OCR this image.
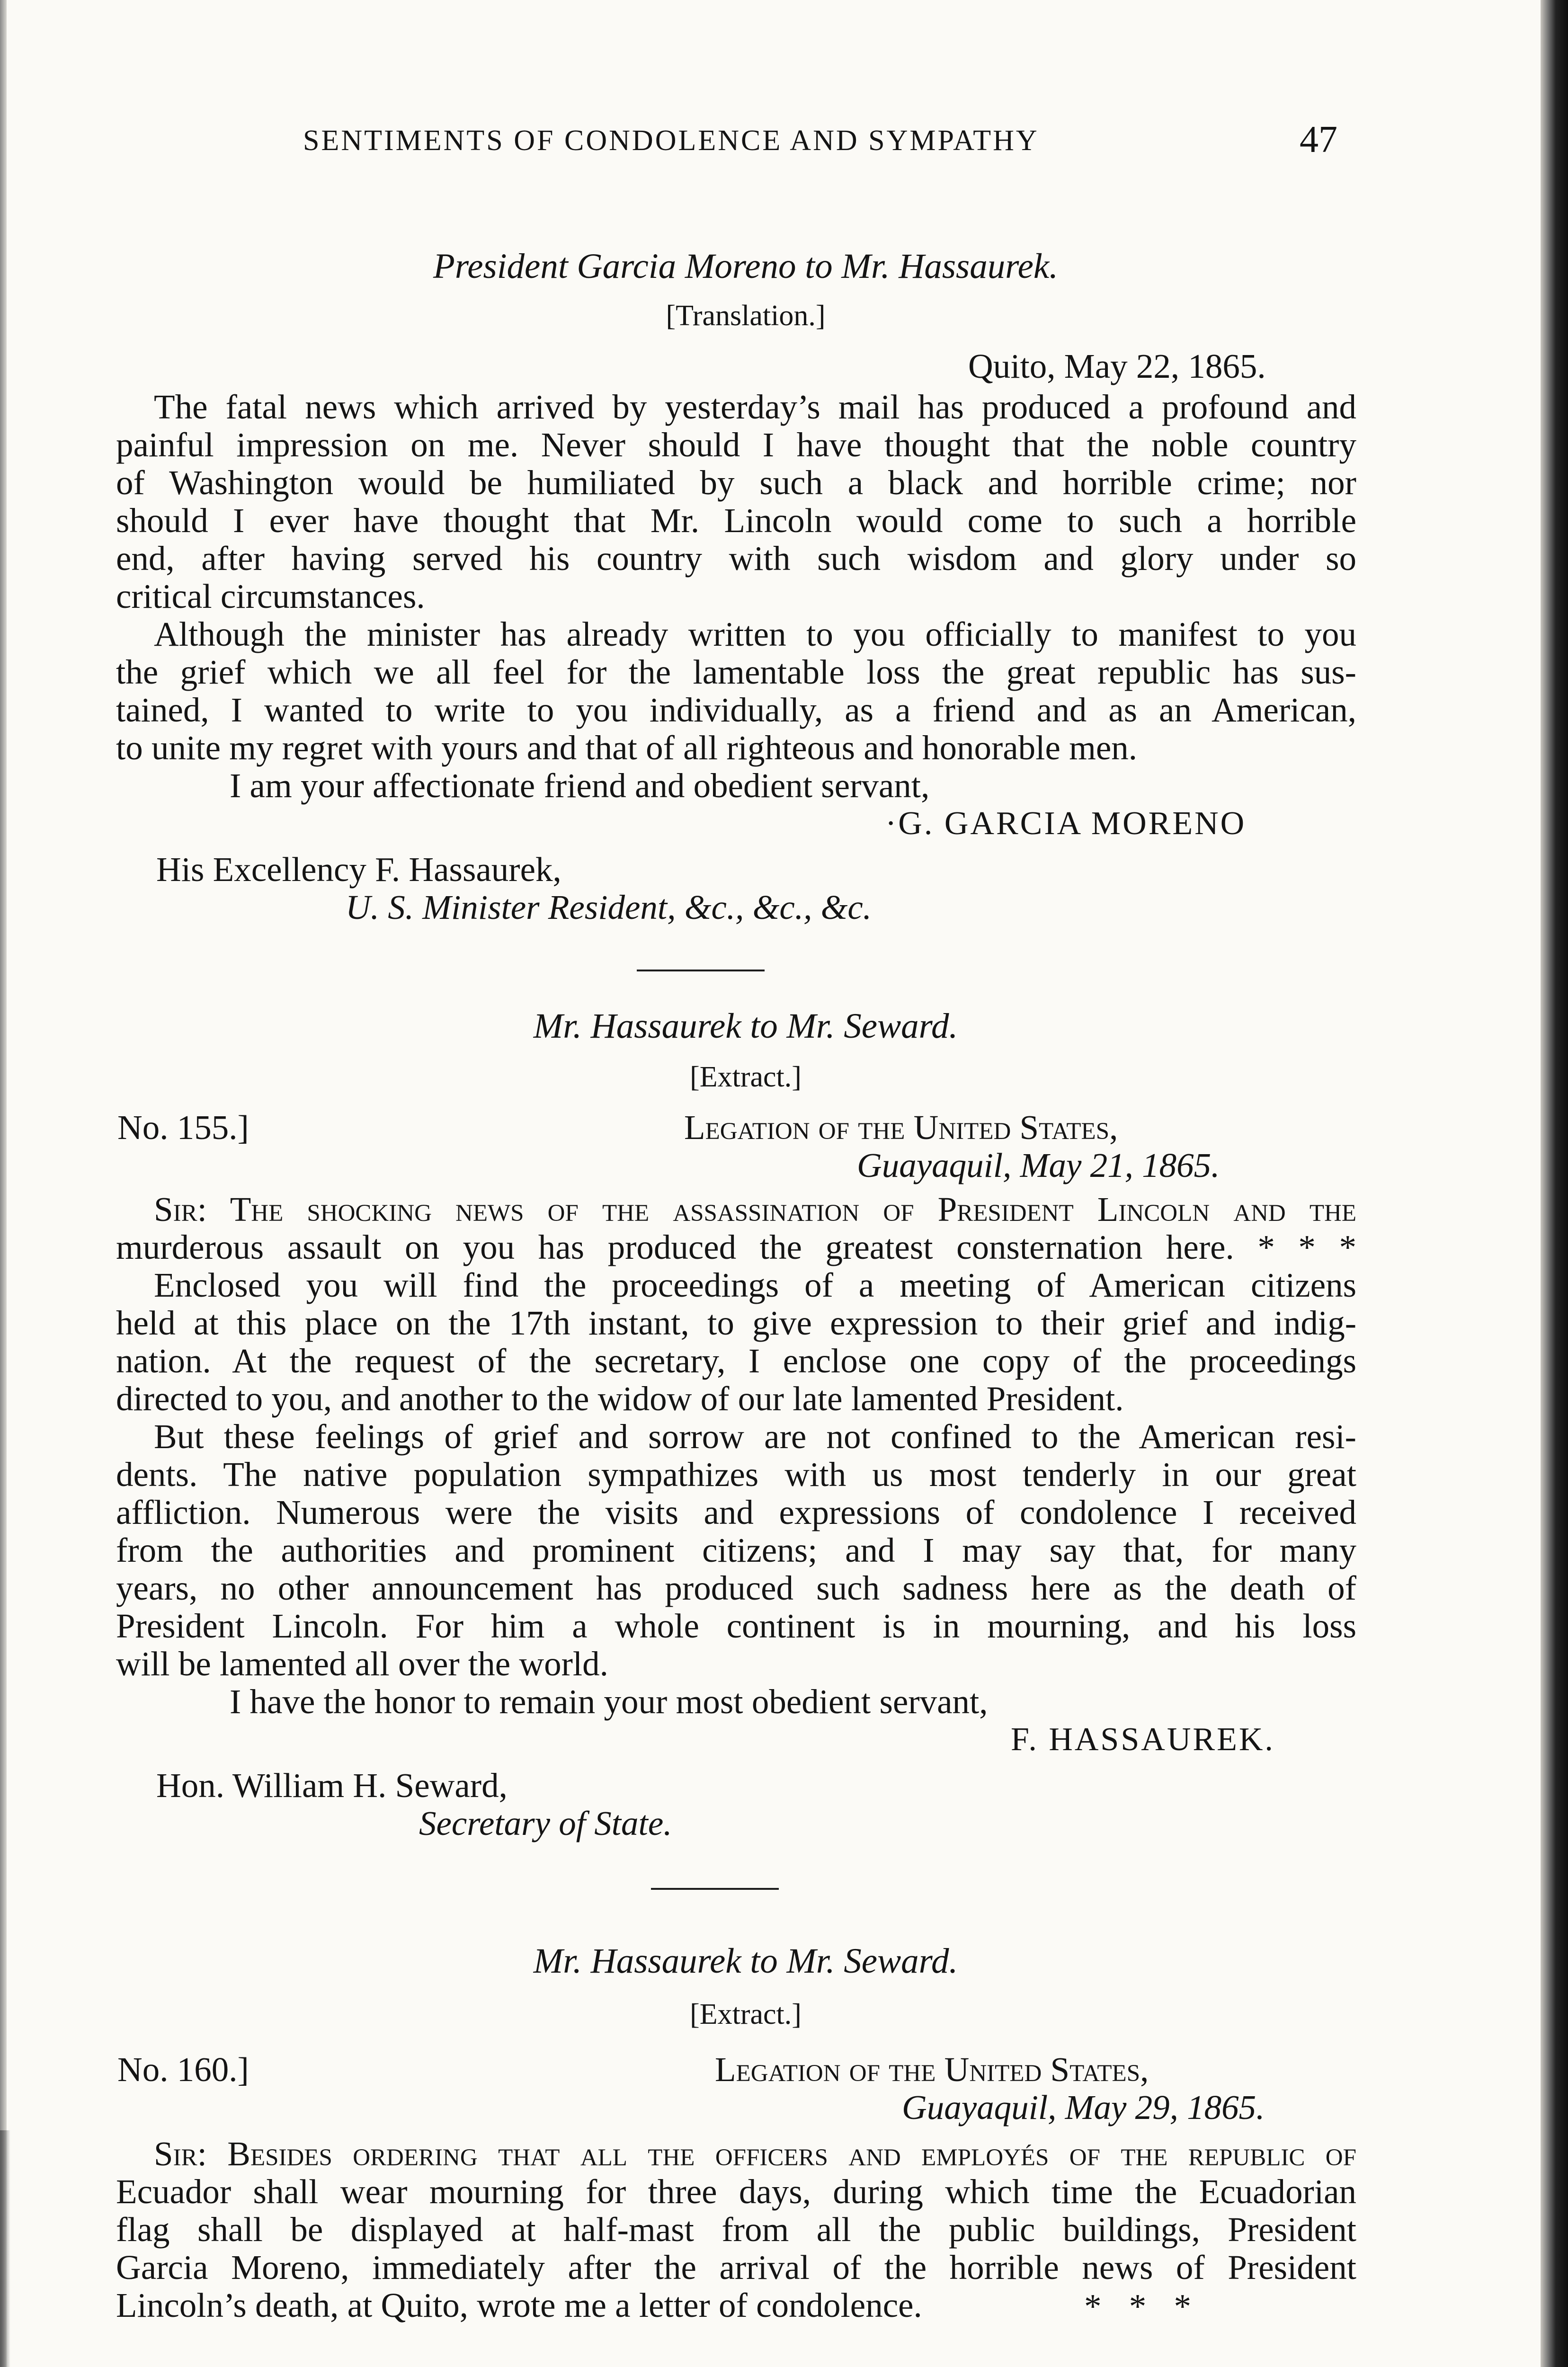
SENTIMENTS OF CONDOLENCE AND SYMPATHY	47
President Garcia Moreno to Mr. Hassaurek.
[Translation.]
Quito, May 22, 1865.
The fatal news which arrived by yesterday’s mail has produced a profound and
painful impression on me. Never should I have thought that the noble country
of Washington would be humiliated by such a black and horrible crime; nor
should I ever have thought that Mr. Lincoln would come to such a horrible
end, after having served his country with such wisdom and glory under so
critical circumstances.
Although the minister has already written to you officially to manifest to you
the grief which we all feel for the lamentable loss the great republic has sus-
tained, I wanted to write to you individually, as a friend and as an American,
to unite my regret with yours and that of all righteous and honorable men.
I am your affectionate friend and obedient servant,
·G. GARCIA MORENO
His Excellency F. Hassaurek,
U. S. Minister Resident, &c., &c., &c.
Mr. Hassaurek to Mr. Seward.
[Extract.]
No. 155.]	Legation of the United States,
Guayaquil, May 21, 1865.
Sir: The shocking news of the assassination of President Lincoln and the
murderous assault on you has produced the greatest consternation here. * * *
Enclosed you will find the proceedings of a meeting of American citizens
held at this place on the 17th instant, to give expression to their grief and indig-
nation. At the request of the secretary, I enclose one copy of the proceedings
directed to you, and another to the widow of our late lamented President.
But these feelings of grief and sorrow are not confined to the American resi-
dents. The native population sympathizes with us most tenderly in our great
affliction. Numerous were the visits and expressions of condolence I received
from the authorities and prominent citizens; and I may say that, for many
years, no other announcement has produced such sadness here as the death of
President Lincoln. For him a whole continent is in mourning, and his loss
will be lamented all over the world.
I have the honor to remain your most obedient servant,
F. HASSAUREK.
Hon. William H. Seward,
Secretary of State.
Mr. Hassaurek to Mr. Seward.
[Extract.]
No. 160.]	Legation of the United States,
Guayaquil, May 29, 1865.
Sir: Besides ordering that all the officers and employés of the republic of
Ecuador shall wear mourning for three days, during which time the Ecuadorian
flag shall be displayed at half-mast from all the public buildings, President
Garcia Moreno, immediately after the arrival of the horrible news of President
Lincoln’s death, at Quito, wrote me a letter of condolence.	* * *
